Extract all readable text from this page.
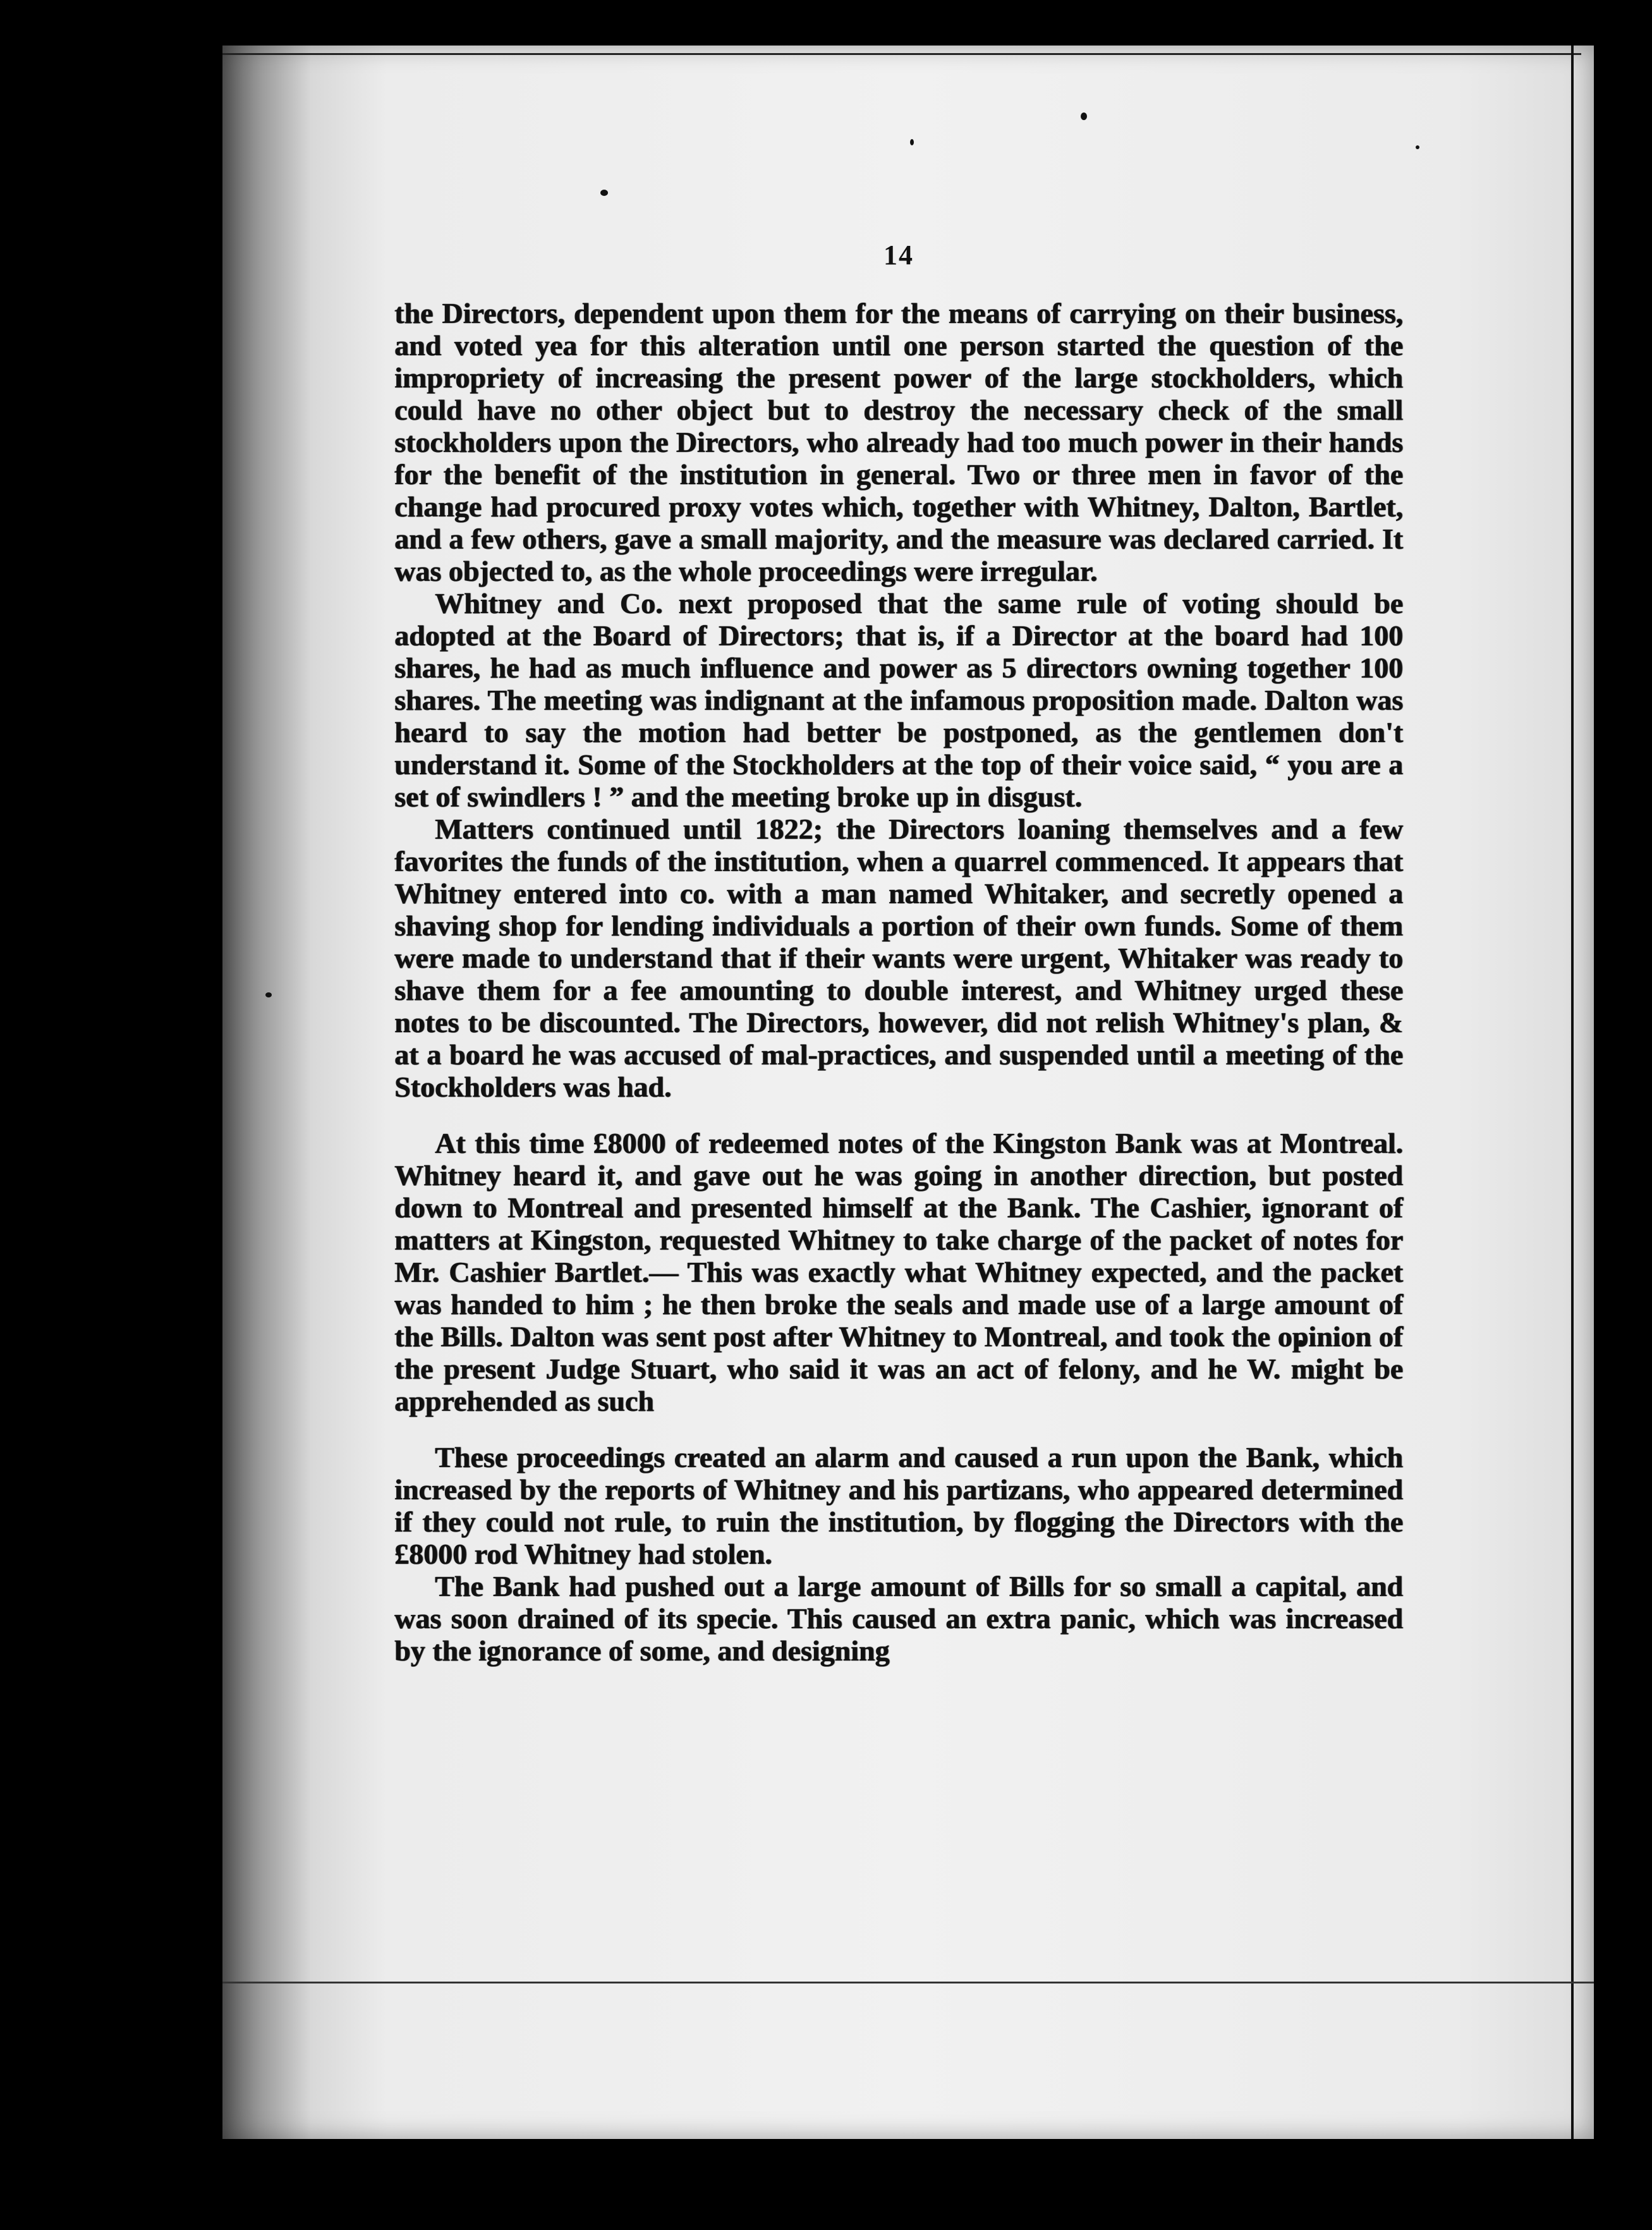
14

the Directors, dependent upon them for the means of carrying on their business, and voted yea for this alteration until one person started the question of the impropriety of increasing the present power of the large stockholders, which could have no other object but to destroy the necessary check of the small stockholders upon the Directors, who already had too much power in their hands for the benefit of the institution in general. Two or three men in favor of the change had procured proxy votes which, together with Whitney, Dalton, Bartlet, and a few others, gave a small majority, and the measure was declared carried. It was objected to, as the whole proceedings were irregular.

Whitney and Co. next proposed that the same rule of voting should be adopted at the Board of Directors; that is, if a Director at the board had 100 shares, he had as much influence and power as 5 directors owning together 100 shares. The meeting was indignant at the infamous proposition made. Dalton was heard to say the motion had better be postponed, as the gentlemen don't understand it. Some of the Stockholders at the top of their voice said, “ you are a set of swindlers ! ” and the meeting broke up in disgust.

Matters continued until 1822; the Directors loaning themselves and a few favorites the funds of the institution, when a quarrel commenced. It appears that Whitney entered into co. with a man named Whitaker, and secretly opened a shaving shop for lending individuals a portion of their own funds. Some of them were made to understand that if their wants were urgent, Whitaker was ready to shave them for a fee amounting to double interest, and Whitney urged these notes to be discounted. The Directors, however, did not relish Whitney's plan, & at a board he was accused of mal-practices, and suspended until a meeting of the Stockholders was had.

At this time £8000 of redeemed notes of the Kingston Bank was at Montreal. Whitney heard it, and gave out he was going in another direction, but posted down to Montreal and presented himself at the Bank. The Cashier, ignorant of matters at Kingston, requested Whitney to take charge of the packet of notes for Mr. Cashier Bartlet.— This was exactly what Whitney expected, and the packet was handed to him ; he then broke the seals and made use of a large amount of the Bills. Dalton was sent post after Whitney to Montreal, and took the opinion of the present Judge Stuart, who said it was an act of felony, and he W. might be apprehended as such

These proceedings created an alarm and caused a run upon the Bank, which increased by the reports of Whitney and his partizans, who appeared determined if they could not rule, to ruin the institution, by flogging the Directors with the £8000 rod Whitney had stolen.

The Bank had pushed out a large amount of Bills for so small a capital, and was soon drained of its specie. This caused an extra panic, which was increased by the ignorance of some, and designing
